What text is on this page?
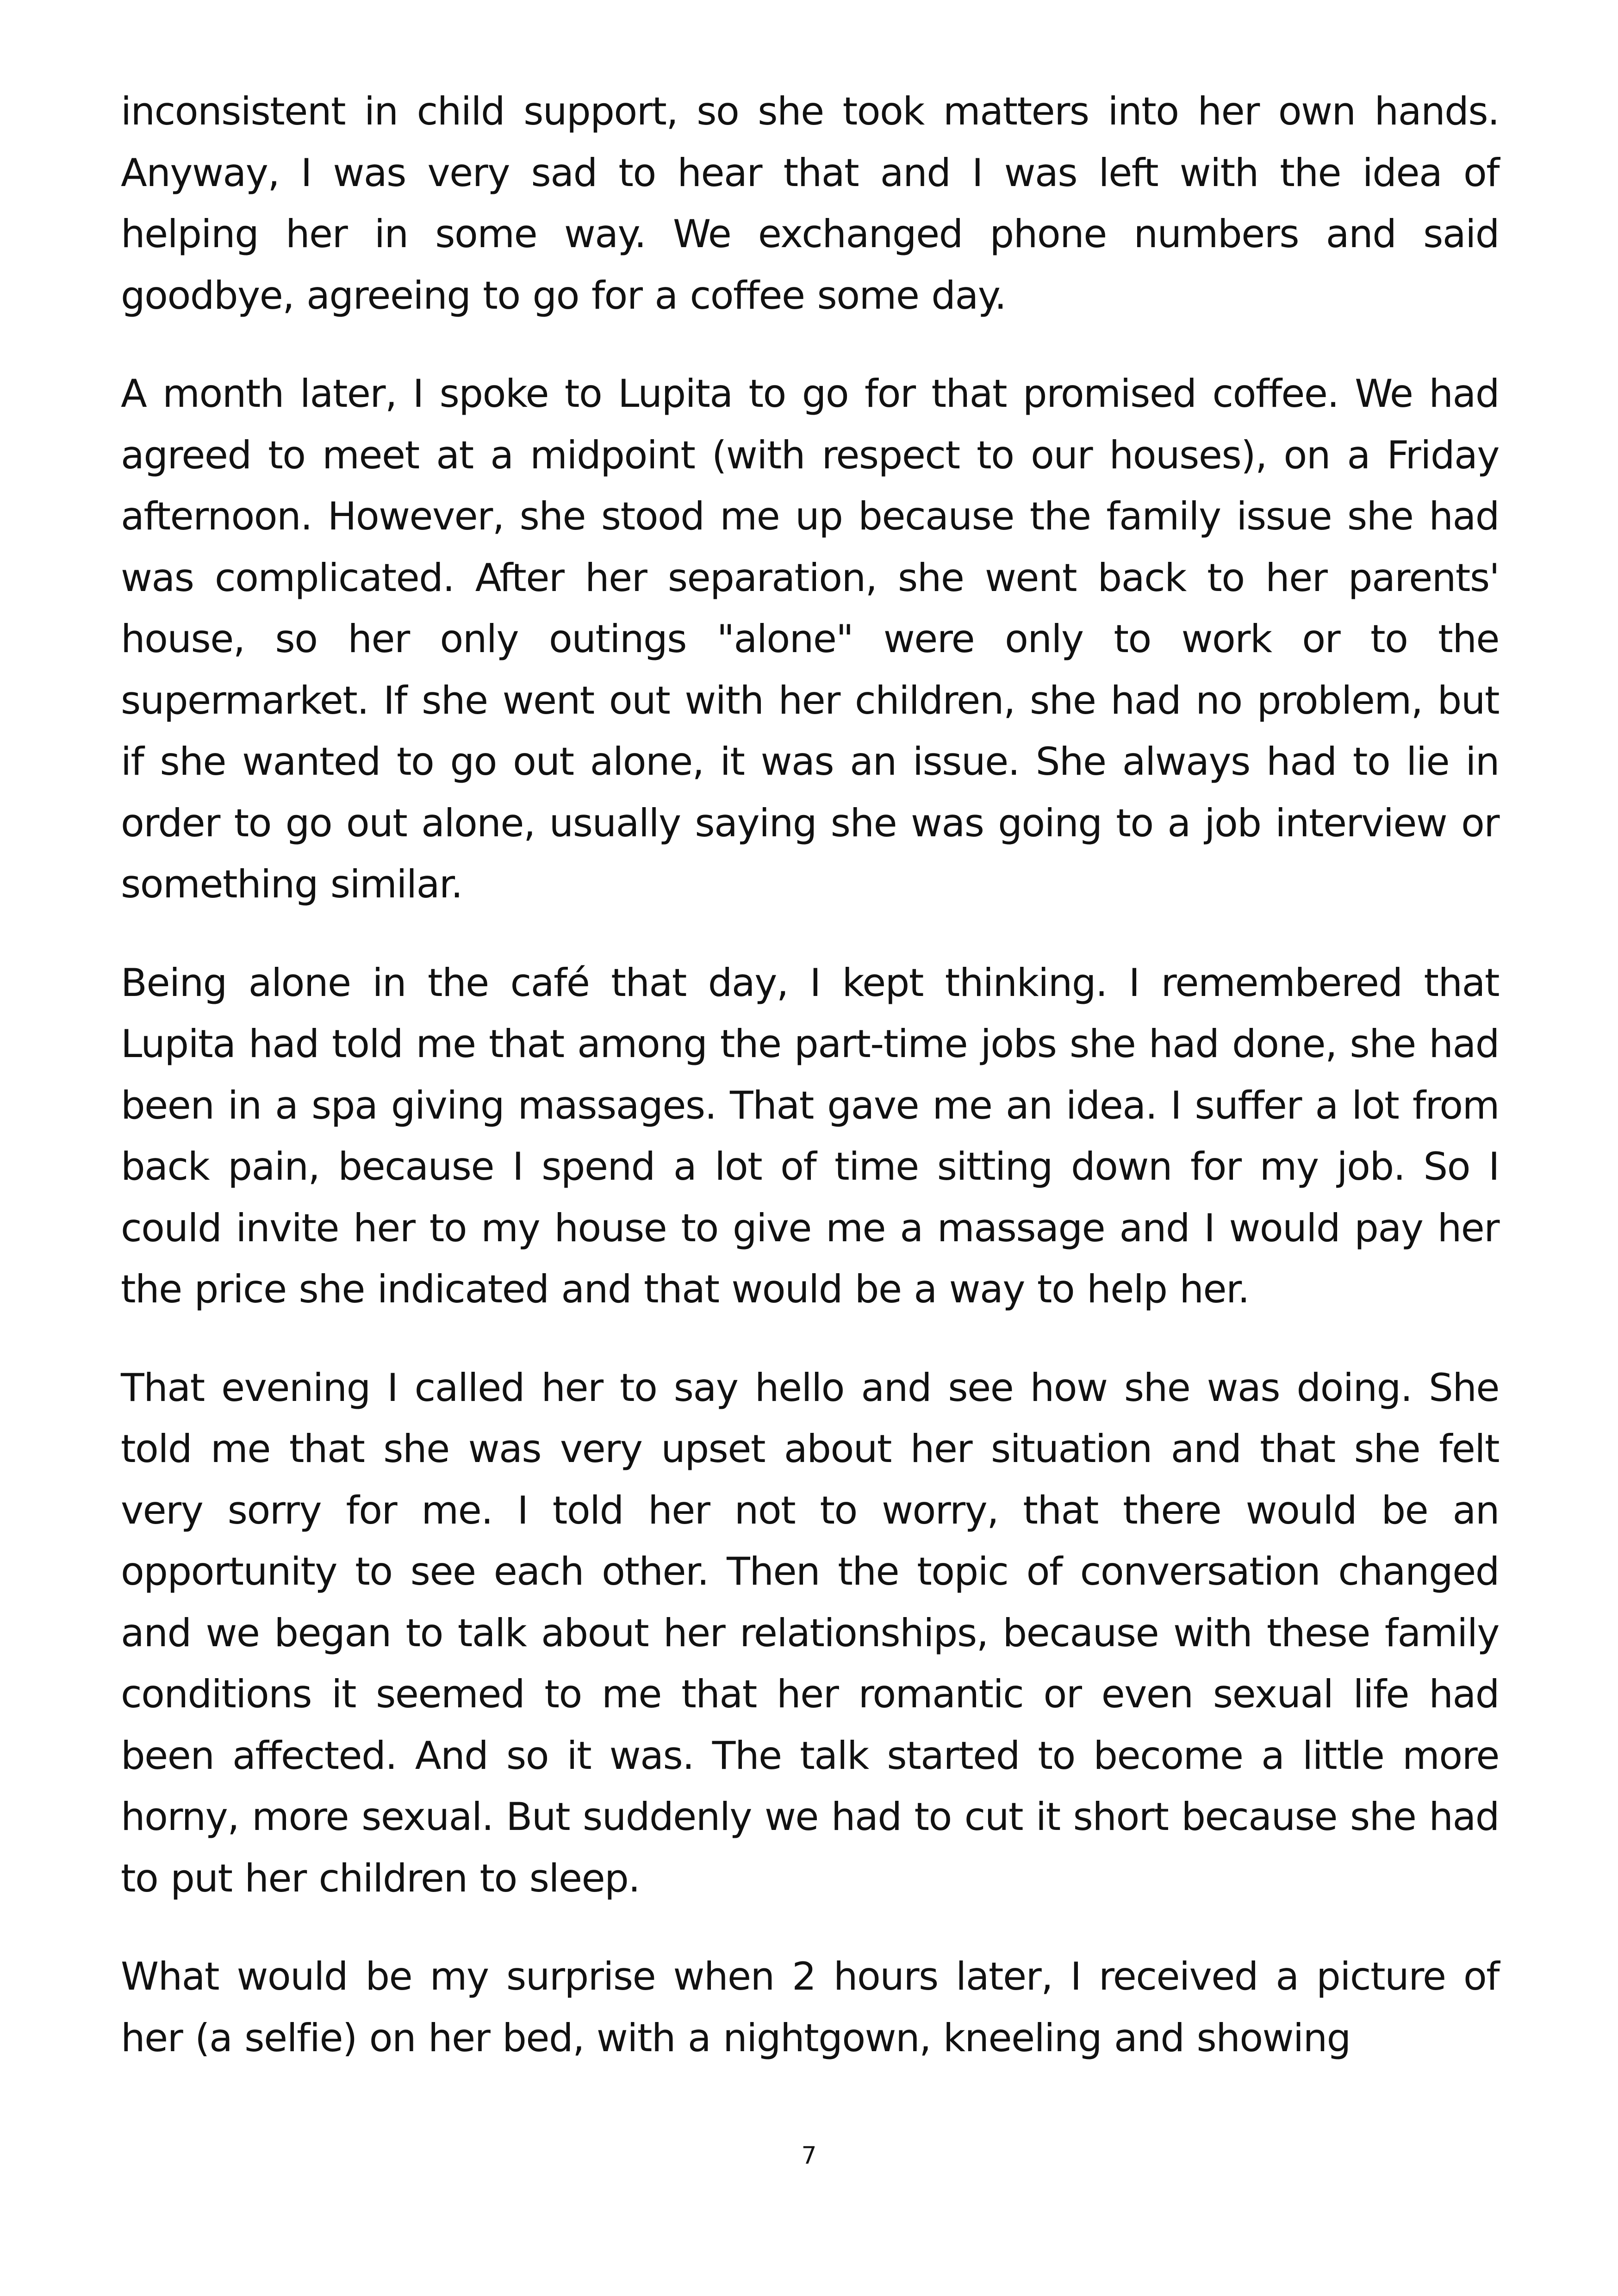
inconsistent in child support, so she took matters into her own hands. Anyway, I was very sad to hear that and I was left with the idea of helping her in some way. We exchanged phone numbers and said goodbye, agreeing to go for a coffee some day.

A month later, I spoke to Lupita to go for that promised coffee. We had agreed to meet at a midpoint (with respect to our houses), on a Friday afternoon. However, she stood me up because the family issue she had was complicated. After her separation, she went back to her parents' house, so her only outings "alone" were only to work or to the supermarket. If she went out with her children, she had no problem, but if she wanted to go out alone, it was an issue. She always had to lie in order to go out alone, usually saying she was going to a job interview or something similar.

Being alone in the café that day, I kept thinking. I remembered that Lupita had told me that among the part-time jobs she had done, she had been in a spa giving massages. That gave me an idea. I suffer a lot from back pain, because I spend a lot of time sitting down for my job. So I could invite her to my house to give me a massage and I would pay her the price she indicated and that would be a way to help her.

That evening I called her to say hello and see how she was doing. She told me that she was very upset about her situation and that she felt very sorry for me. I told her not to worry, that there would be an opportunity to see each other. Then the topic of conversation changed and we began to talk about her relationships, because with these family conditions it seemed to me that her romantic or even sexual life had been affected. And so it was. The talk started to become a little more horny, more sexual. But suddenly we had to cut it short because she had to put her children to sleep.

What would be my surprise when 2 hours later, I received a picture of her (a selfie) on her bed, with a nightgown, kneeling and showing

7
